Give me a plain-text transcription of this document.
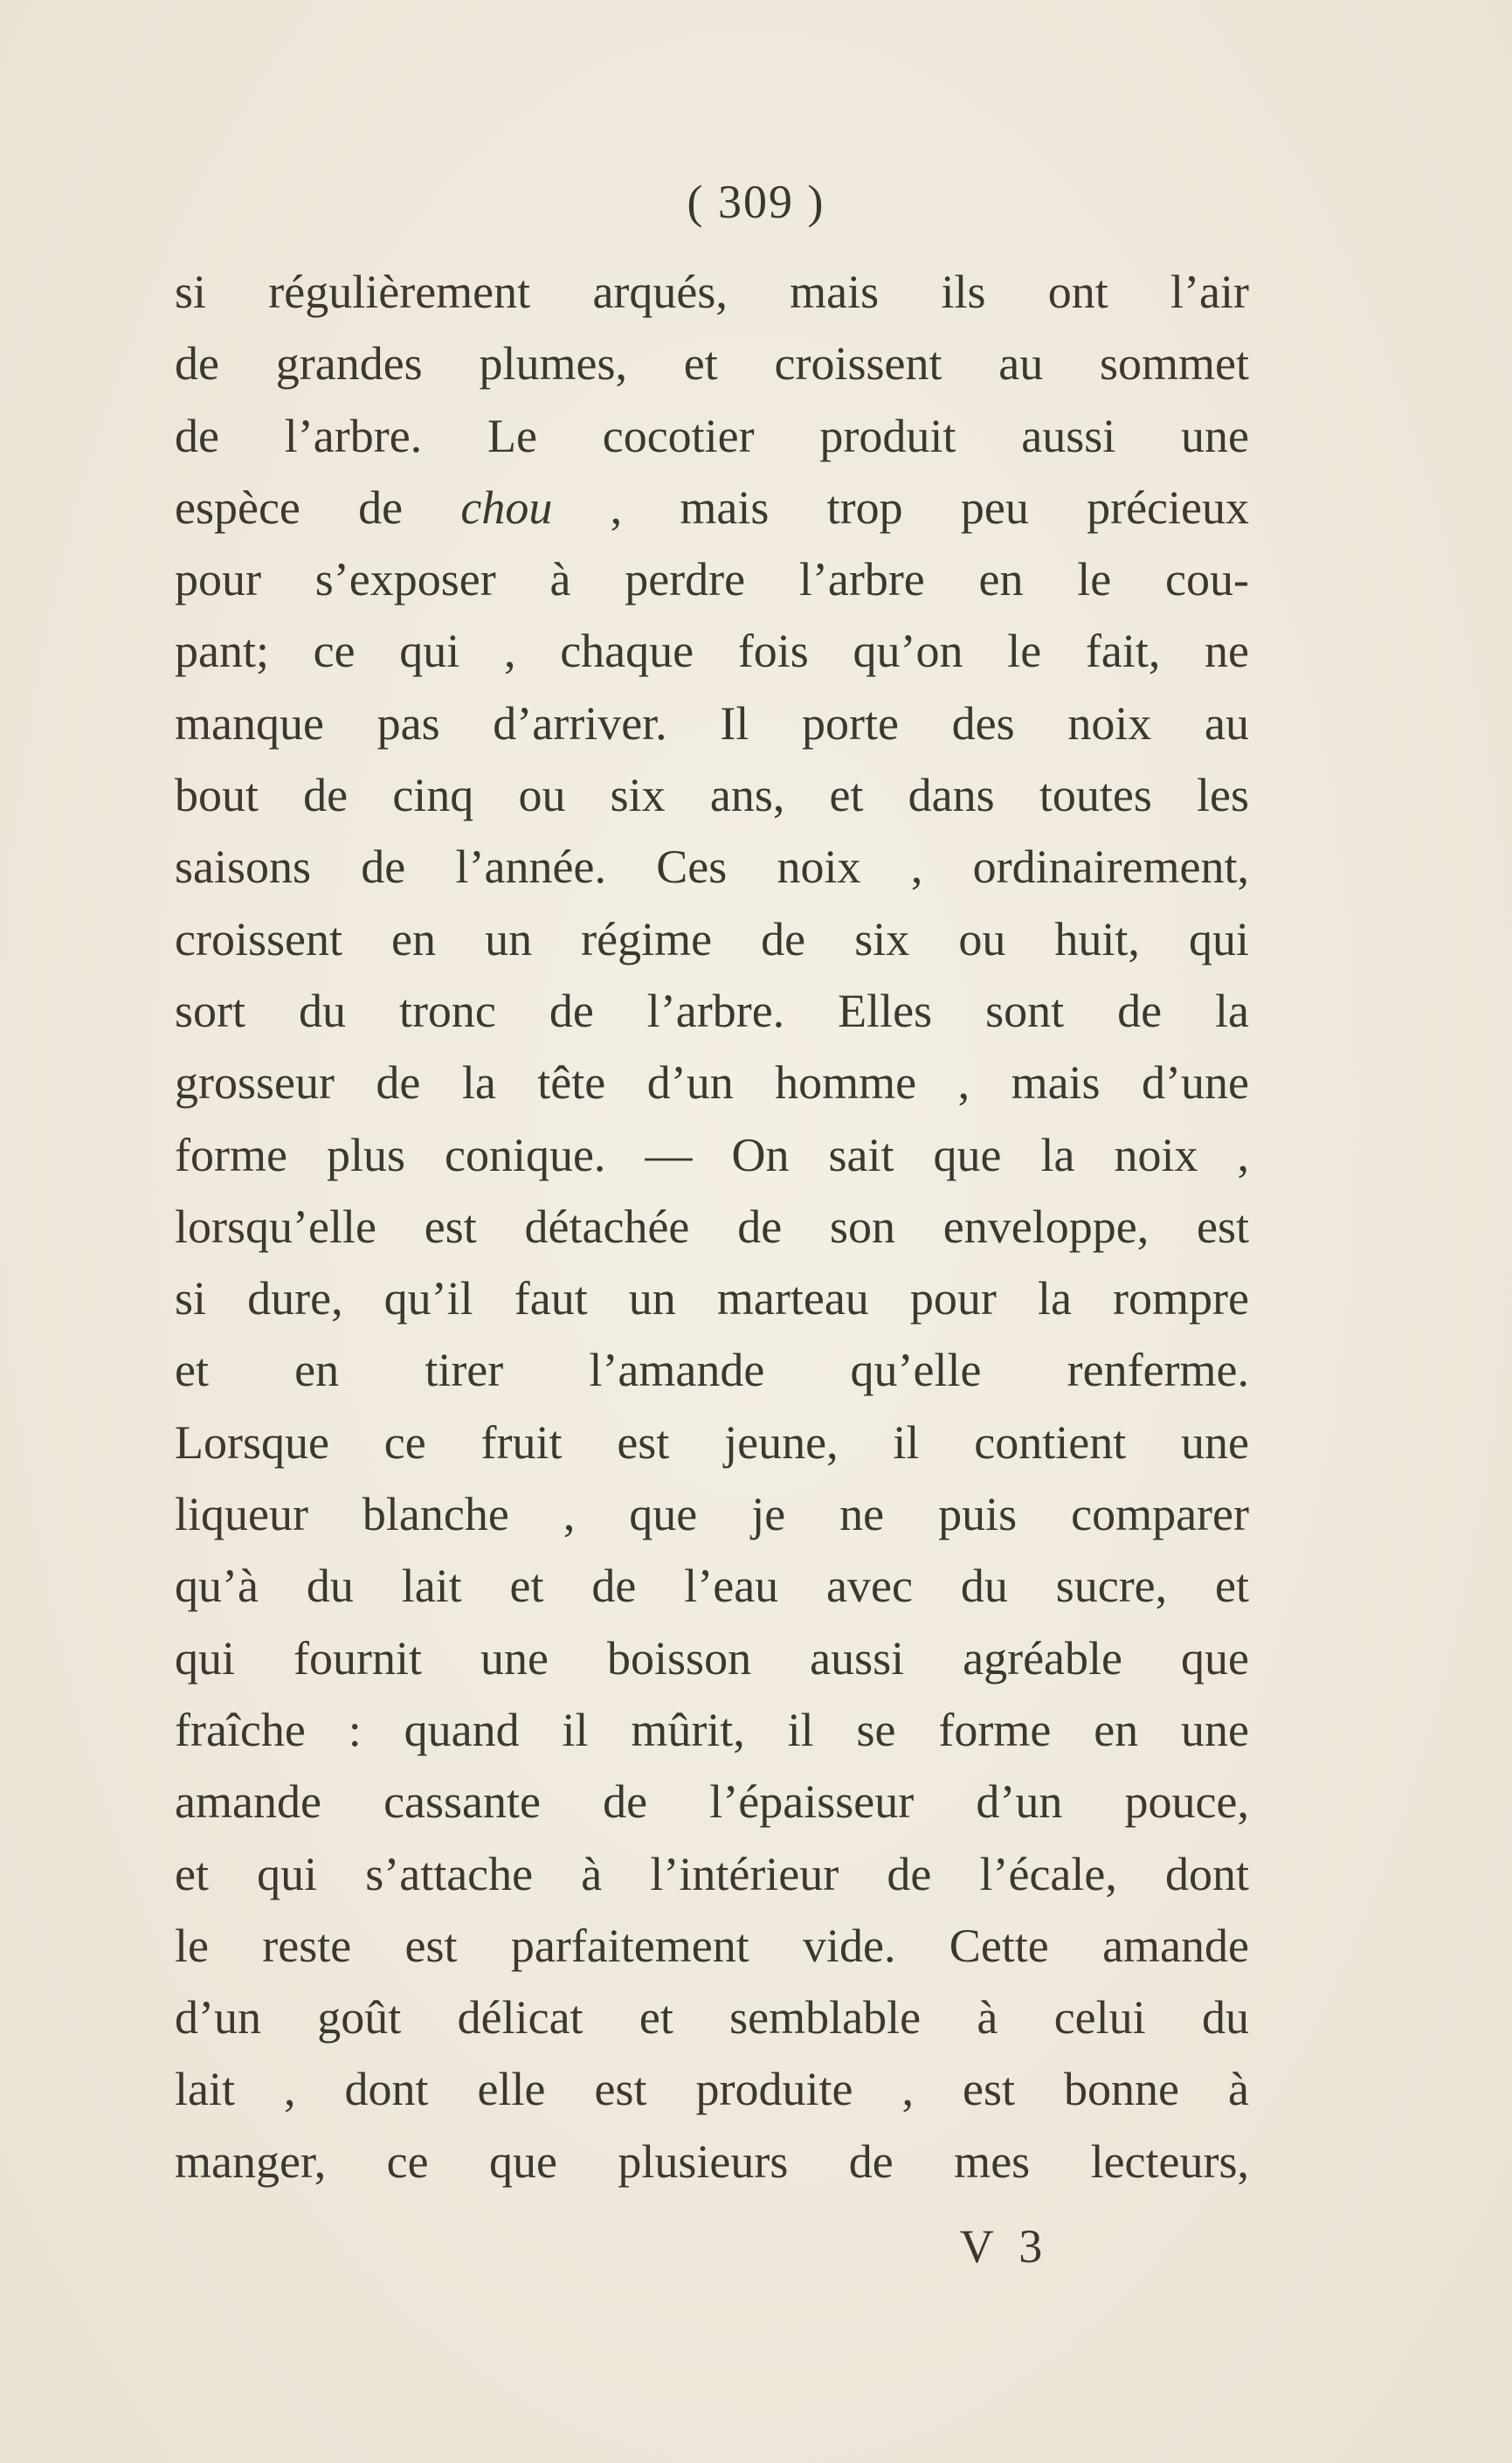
( 309 )
si régulièrement arqués, mais ils ont l’air
de grandes plumes, et croissent au sommet
de l’arbre. Le cocotier produit aussi une
espèce de chou , mais trop peu précieux
pour s’exposer à perdre l’arbre en le cou-
pant; ce qui , chaque fois qu’on le fait, ne
manque pas d’arriver. Il porte des noix au
bout de cinq ou six ans, et dans toutes les
saisons de l’année. Ces noix , ordinairement,
croissent en un régime de six ou huit, qui
sort du tronc de l’arbre. Elles sont de la
grosseur de la tête d’un homme , mais d’une
forme plus conique. — On sait que la noix ,
lorsqu’elle est détachée de son enveloppe, est
si dure, qu’il faut un marteau pour la rompre
et en tirer l’amande qu’elle renferme.
Lorsque ce fruit est jeune, il contient une
liqueur blanche , que je ne puis comparer
qu’à du lait et de l’eau avec du sucre, et
qui fournit une boisson aussi agréable que
fraîche : quand il mûrit, il se forme en une
amande cassante de l’épaisseur d’un pouce,
et qui s’attache à l’intérieur de l’écale, dont
le reste est parfaitement vide. Cette amande
d’un goût délicat et semblable à celui du
lait , dont elle est produite , est bonne à
manger, ce que plusieurs de mes lecteurs,
V 3
